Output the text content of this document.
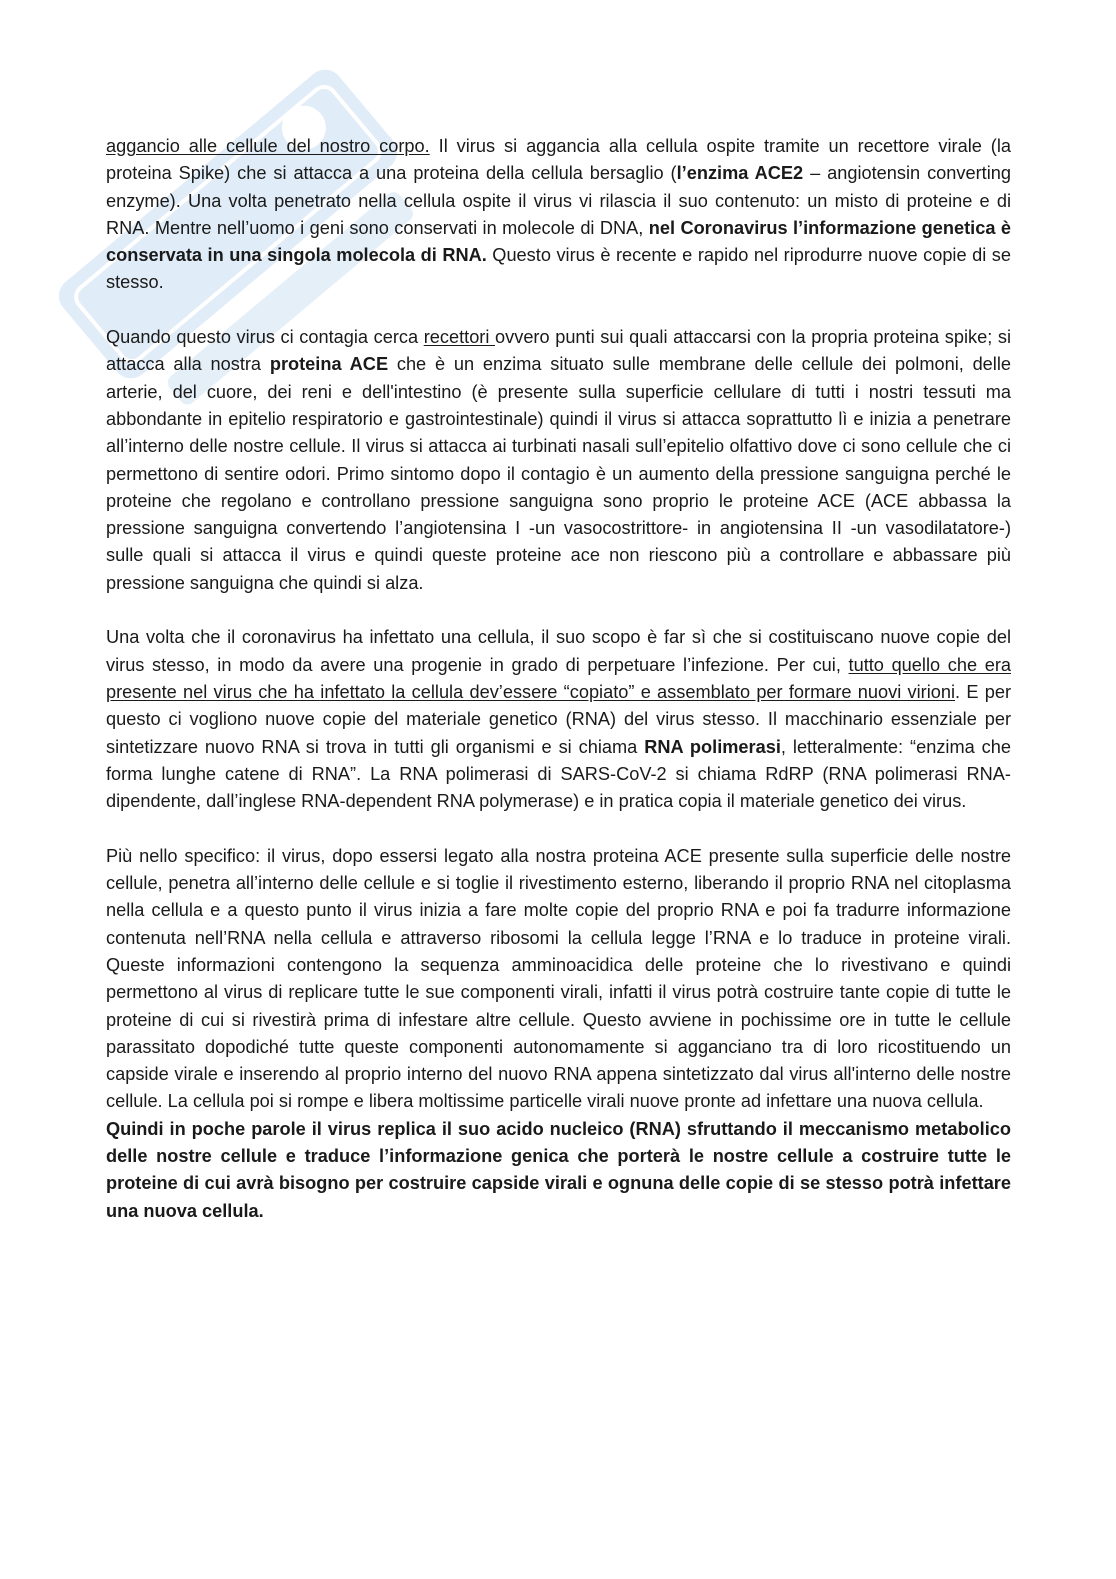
aggancio alle cellule del nostro corpo. Il virus si aggancia alla cellula ospite tramite un recettore virale (la proteina Spike) che si attacca a una proteina della cellula bersaglio (l’enzima ACE2 – angiotensin converting enzyme). Una volta penetrato nella cellula ospite il virus vi rilascia il suo contenuto: un misto di proteine e di RNA. Mentre nell’uomo i geni sono conservati in molecole di DNA, nel Coronavirus l’informazione genetica è conservata in una singola molecola di RNA. Questo virus è recente e rapido nel riprodurre nuove copie di se stesso.

Quando questo virus ci contagia cerca recettori ovvero punti sui quali attaccarsi con la propria proteina spike; si attacca alla nostra proteina ACE che è un enzima situato sulle membrane delle cellule dei polmoni, delle arterie, del cuore, dei reni e dell'intestino (è presente sulla superficie cellulare di tutti i nostri tessuti ma abbondante in epitelio respiratorio e gastrointestinale) quindi il virus si attacca soprattutto lì e inizia a penetrare all’interno delle nostre cellule. Il virus si attacca ai turbinati nasali sull’epitelio olfattivo dove ci sono cellule che ci permettono di sentire odori. Primo sintomo dopo il contagio è un aumento della pressione sanguigna perché le proteine che regolano e controllano pressione sanguigna sono proprio le proteine ACE (ACE abbassa la pressione sanguigna convertendo l’angiotensina I -un vasocostrittore- in angiotensina II -un vasodilatatore-) sulle quali si attacca il virus e quindi queste proteine ace non riescono più a controllare e abbassare più pressione sanguigna che quindi si alza.

Una volta che il coronavirus ha infettato una cellula, il suo scopo è far sì che si costituiscano nuove copie del virus stesso, in modo da avere una progenie in grado di perpetuare l’infezione. Per cui, tutto quello che era presente nel virus che ha infettato la cellula dev’essere “copiato” e assemblato per formare nuovi virioni. E per questo ci vogliono nuove copie del materiale genetico (RNA) del virus stesso. Il macchinario essenziale per sintetizzare nuovo RNA si trova in tutti gli organismi e si chiama RNA polimerasi, letteralmente: “enzima che forma lunghe catene di RNA”. La RNA polimerasi di SARS-CoV-2 si chiama RdRP (RNA polimerasi RNA-dipendente, dall’inglese RNA-dependent RNA polymerase) e in pratica copia il materiale genetico dei virus.

Più nello specifico: il virus, dopo essersi legato alla nostra proteina ACE presente sulla superficie delle nostre cellule, penetra all’interno delle cellule e si toglie il rivestimento esterno, liberando il proprio RNA nel citoplasma nella cellula e a questo punto il virus inizia a fare molte copie del proprio RNA e poi fa tradurre informazione contenuta nell’RNA nella cellula e attraverso ribosomi la cellula legge l’RNA e lo traduce in proteine virali. Queste informazioni contengono la sequenza amminoacidica delle proteine che lo rivestivano e quindi permettono al virus di replicare tutte le sue componenti virali, infatti il virus potrà costruire tante copie di tutte le proteine di cui si rivestirà prima di infestare altre cellule. Questo avviene in pochissime ore in tutte le cellule parassitato dopodiché tutte queste componenti autonomamente si agganciano tra di loro ricostituendo un capside virale e inserendo al proprio interno del nuovo RNA appena sintetizzato dal virus all'interno delle nostre cellule. La cellula poi si rompe e libera moltissime particelle virali nuove pronte ad infettare una nuova cellula.

Quindi in poche parole il virus replica il suo acido nucleico (RNA) sfruttando il meccanismo metabolico delle nostre cellule e traduce l’informazione genica che porterà le nostre cellule a costruire tutte le proteine di cui avrà bisogno per costruire capside virali e ognuna delle copie di se stesso potrà infettare una nuova cellula.
